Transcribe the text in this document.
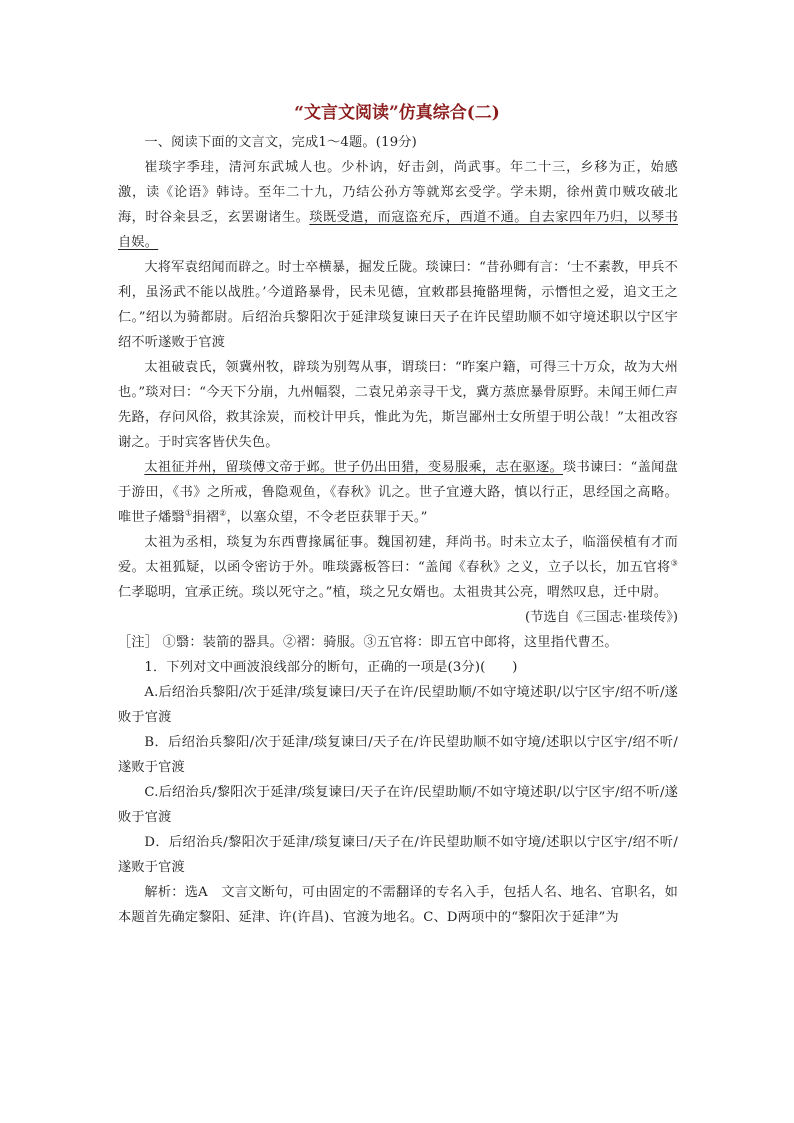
“文言文阅读”仿真综合(二)

一、阅读下面的文言文，完成1～4题。(19分)

崔琰字季珪，清河东武城人也。少朴讷，好击剑，尚武事。年二十三，乡移为正，始感激，读《论语》韩诗。至年二十九，乃结公孙方等就郑玄受学。学未期，徐州黄巾贼攻破北海，时谷籴县乏，玄罢谢诸生。琰既受遣，而寇盗充斥，西道不通。自去家四年乃归，以琴书自娱。

大将军袁绍闻而辟之。时士卒横暴，掘发丘陇。琰谏曰：“昔孙卿有言：‘士不素教，甲兵不利，虽汤武不能以战胜。’今道路暴骨，民未见德，宜敕郡县掩骼埋胔，示憯怛之爱，追文王之仁。”绍以为骑都尉。后绍治兵黎阳次于延津琰复谏曰天子在许民望助顺不如守境述职以宁区宇绍不听遂败于官渡

太祖破袁氏，领冀州牧，辟琰为别驾从事，谓琰曰：“昨案户籍，可得三十万众，故为大州也。”琰对曰：“今天下分崩，九州幅裂，二袁兄弟亲寻干戈，冀方蒸庶暴骨原野。未闻王师仁声先路，存问风俗，救其涂炭，而校计甲兵，惟此为先，斯岂鄙州士女所望于明公哉！”太祖改容谢之。于时宾客皆伏失色。

太祖征并州，留琰傅文帝于邺。世子仍出田猎，变易服乘，志在驱逐。琰书谏曰：“盖闻盘于游田，《书》之所戒，鲁隐观鱼，《春秋》讥之。世子宜遵大路，慎以行正，思经国之高略。唯世子燔翳①捐褶②，以塞众望，不令老臣获罪于天。”

太祖为丞相，琰复为东西曹掾属征事。魏国初建，拜尚书。时未立太子，临淄侯植有才而爱。太祖狐疑，以函令密访于外。唯琰露板答曰：“盖闻《春秋》之义，立子以长，加五官将③仁孝聪明，宜承正统。琰以死守之。”植，琰之兄女婿也。太祖贵其公亮，喟然叹息，迁中尉。

(节选自《三国志·崔琰传》)

［注］ ①翳：装箭的器具。②褶：骑服。③五官将：即五官中郎将，这里指代曹丕。

1．下列对文中画波浪线部分的断句，正确的一项是(3分)(　　)

A.后绍治兵黎阳/次于延津/琰复谏曰/天子在许/民望助顺/不如守境述职/以宁区宇/绍不听/遂败于官渡

B．后绍治兵黎阳/次于延津/琰复谏曰/天子在/许民望助顺不如守境/述职以宁区宇/绍不听/遂败于官渡

C.后绍治兵/黎阳次于延津/琰复谏曰/天子在许/民望助顺/不如守境述职/以宁区宇/绍不听/遂败于官渡

D．后绍治兵/黎阳次于延津/琰复谏曰/天子在/许民望助顺不如守境/述职以宁区宇/绍不听/遂败于官渡

解析：选A　文言文断句，可由固定的不需翻译的专名入手，包括人名、地名、官职名，如本题首先确定黎阳、延津、许(许昌)、官渡为地名。C、D两项中的“黎阳次于延津”为
